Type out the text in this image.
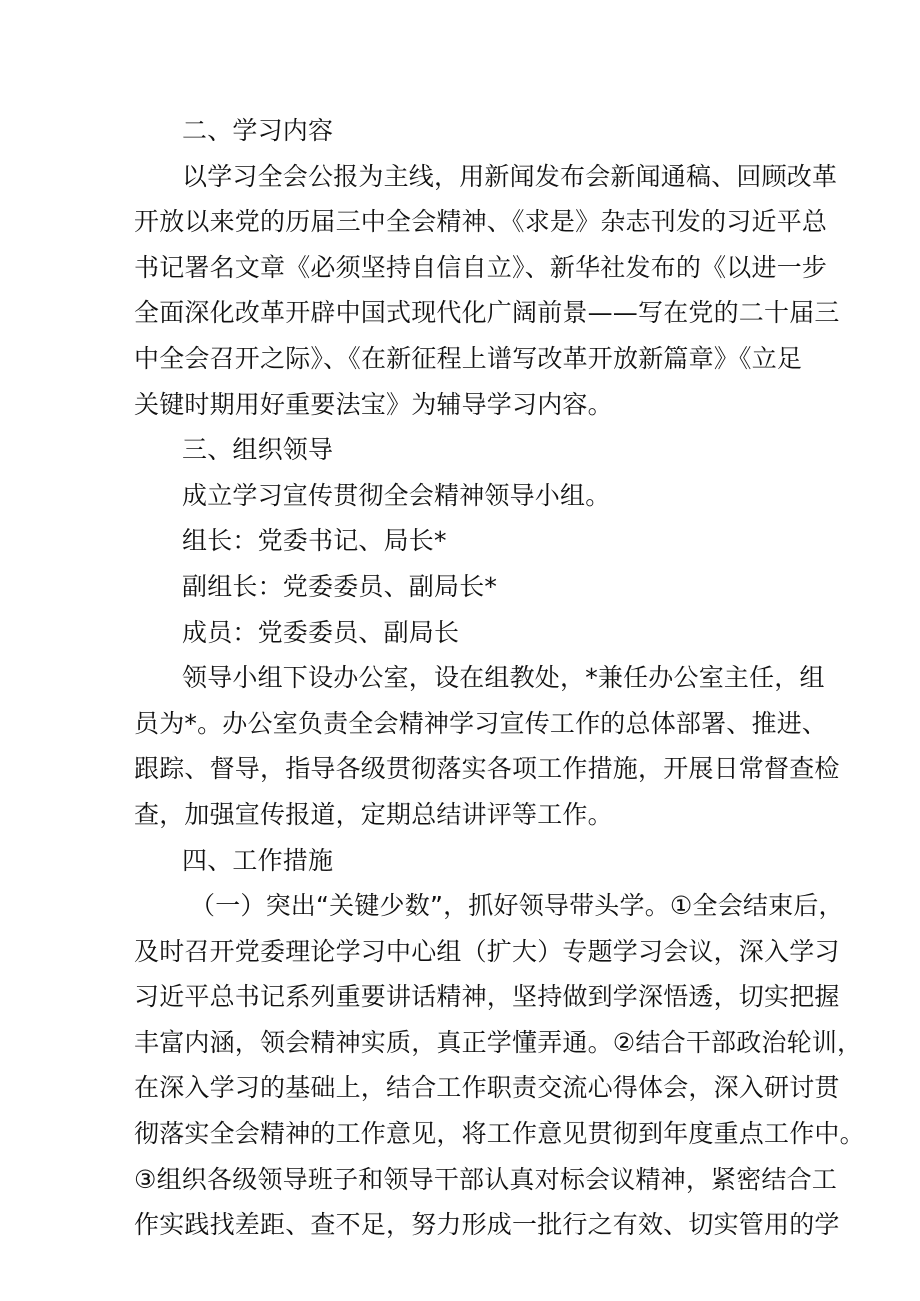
二、学习内容
以学习全会公报为主线，用新闻发布会新闻通稿、回顾改革
开放以来党的历届三中全会精神、《求是》杂志刊发的习近平总
书记署名文章《必须坚持自信自立》、新华社发布的《以进一步
全面深化改革开辟中国式现代化广阔前景——写在党的二十届三
中全会召开之际》、《在新征程上谱写改革开放新篇章》《立足
关键时期用好重要法宝》为辅导学习内容。
三、组织领导
成立学习宣传贯彻全会精神领导小组。
组长：党委书记、局长*
副组长：党委委员、副局长*
成员：党委委员、副局长
领导小组下设办公室，设在组教处，*兼任办公室主任，组
员为*。办公室负责全会精神学习宣传工作的总体部署、推进、
跟踪、督导，指导各级贯彻落实各项工作措施，开展日常督查检
查，加强宣传报道，定期总结讲评等工作。
四、工作措施
（一）突出“关键少数”，抓好领导带头学。①全会结束后，
及时召开党委理论学习中心组（扩大）专题学习会议，深入学习
习近平总书记系列重要讲话精神，坚持做到学深悟透，切实把握
丰富内涵，领会精神实质，真正学懂弄通。②结合干部政治轮训，
在深入学习的基础上，结合工作职责交流心得体会，深入研讨贯
彻落实全会精神的工作意见，将工作意见贯彻到年度重点工作中。
③组织各级领导班子和领导干部认真对标会议精神，紧密结合工
作实践找差距、查不足，努力形成一批行之有效、切实管用的学
